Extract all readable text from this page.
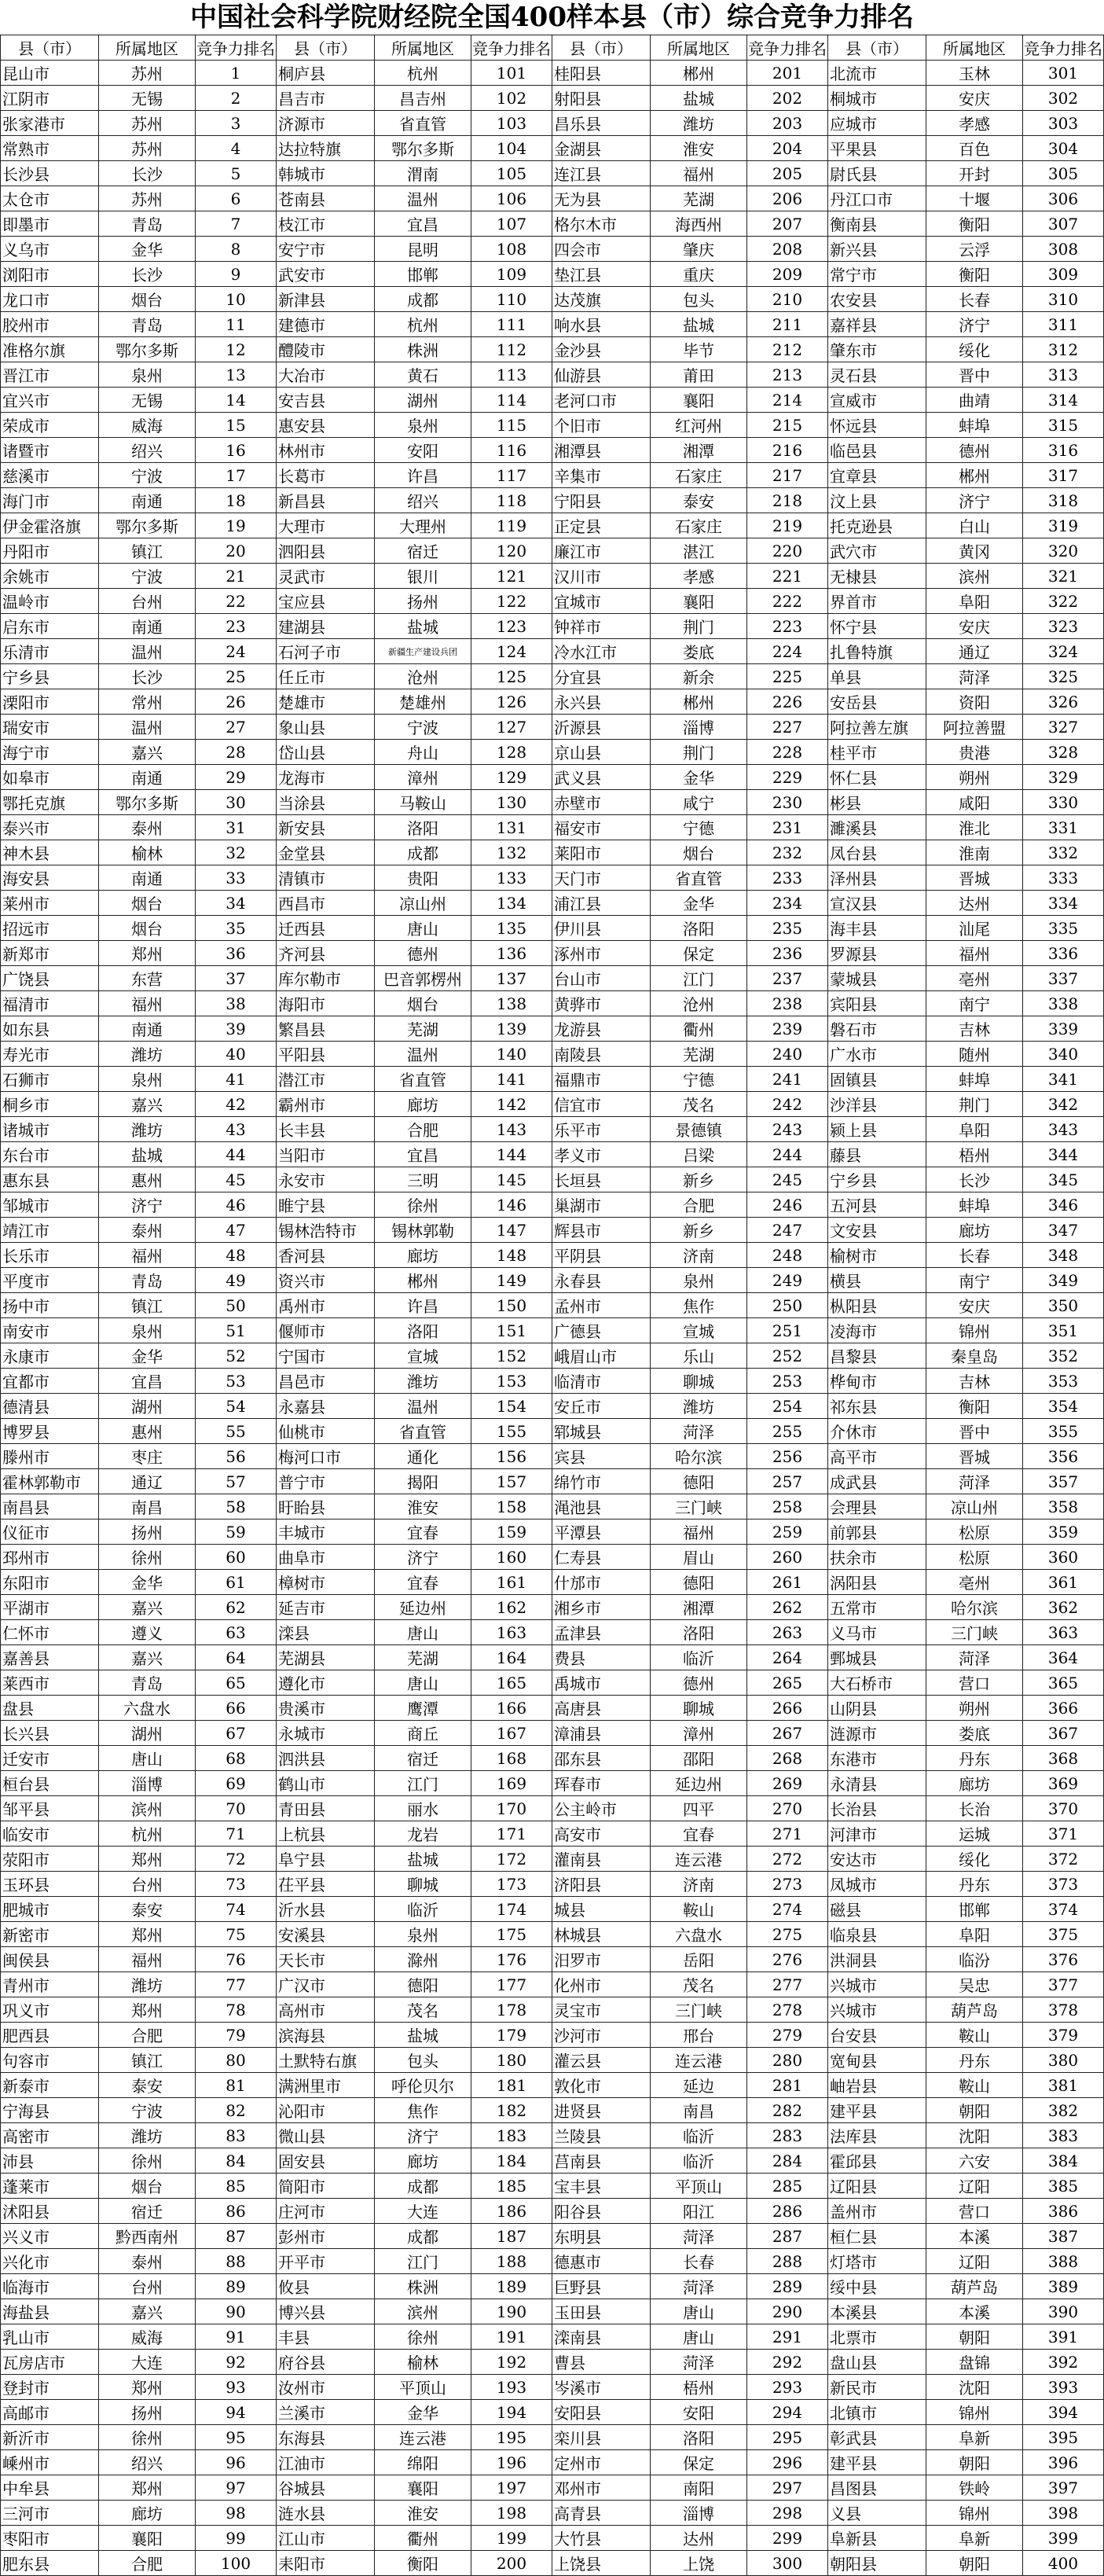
中国社会科学院财经院全国400样本县（市）综合竞争力排名
县（市）	所属地区	竞争力排名	县（市）	所属地区	竞争力排名	县（市）	所属地区	竞争力排名	县（市）	所属地区	竞争力排名
昆山市	苏州	1	桐庐县	杭州	101	桂阳县	郴州	201	北流市	玉林	301
江阴市	无锡	2	昌吉市	昌吉州	102	射阳县	盐城	202	桐城市	安庆	302
张家港市	苏州	3	济源市	省直管	103	昌乐县	潍坊	203	应城市	孝感	303
常熟市	苏州	4	达拉特旗	鄂尔多斯	104	金湖县	淮安	204	平果县	百色	304
长沙县	长沙	5	韩城市	渭南	105	连江县	福州	205	尉氏县	开封	305
太仓市	苏州	6	苍南县	温州	106	无为县	芜湖	206	丹江口市	十堰	306
即墨市	青岛	7	枝江市	宜昌	107	格尔木市	海西州	207	衡南县	衡阳	307
义乌市	金华	8	安宁市	昆明	108	四会市	肇庆	208	新兴县	云浮	308
浏阳市	长沙	9	武安市	邯郸	109	垫江县	重庆	209	常宁市	衡阳	309
龙口市	烟台	10	新津县	成都	110	达茂旗	包头	210	农安县	长春	310
胶州市	青岛	11	建德市	杭州	111	响水县	盐城	211	嘉祥县	济宁	311
准格尔旗	鄂尔多斯	12	醴陵市	株洲	112	金沙县	毕节	212	肇东市	绥化	312
晋江市	泉州	13	大冶市	黄石	113	仙游县	莆田	213	灵石县	晋中	313
宜兴市	无锡	14	安吉县	湖州	114	老河口市	襄阳	214	宣威市	曲靖	314
荣成市	威海	15	惠安县	泉州	115	个旧市	红河州	215	怀远县	蚌埠	315
诸暨市	绍兴	16	林州市	安阳	116	湘潭县	湘潭	216	临邑县	德州	316
慈溪市	宁波	17	长葛市	许昌	117	辛集市	石家庄	217	宜章县	郴州	317
海门市	南通	18	新昌县	绍兴	118	宁阳县	泰安	218	汶上县	济宁	318
伊金霍洛旗	鄂尔多斯	19	大理市	大理州	119	正定县	石家庄	219	托克逊县	白山	319
丹阳市	镇江	20	泗阳县	宿迁	120	廉江市	湛江	220	武穴市	黄冈	320
余姚市	宁波	21	灵武市	银川	121	汉川市	孝感	221	无棣县	滨州	321
温岭市	台州	22	宝应县	扬州	122	宜城市	襄阳	222	界首市	阜阳	322
启东市	南通	23	建湖县	盐城	123	钟祥市	荆门	223	怀宁县	安庆	323
乐清市	温州	24	石河子市	新疆生产建设兵团	124	冷水江市	娄底	224	扎鲁特旗	通辽	324
宁乡县	长沙	25	任丘市	沧州	125	分宜县	新余	225	单县	菏泽	325
溧阳市	常州	26	楚雄市	楚雄州	126	永兴县	郴州	226	安岳县	资阳	326
瑞安市	温州	27	象山县	宁波	127	沂源县	淄博	227	阿拉善左旗	阿拉善盟	327
海宁市	嘉兴	28	岱山县	舟山	128	京山县	荆门	228	桂平市	贵港	328
如皋市	南通	29	龙海市	漳州	129	武义县	金华	229	怀仁县	朔州	329
鄂托克旗	鄂尔多斯	30	当涂县	马鞍山	130	赤壁市	咸宁	230	彬县	咸阳	330
泰兴市	泰州	31	新安县	洛阳	131	福安市	宁德	231	濉溪县	淮北	331
神木县	榆林	32	金堂县	成都	132	莱阳市	烟台	232	凤台县	淮南	332
海安县	南通	33	清镇市	贵阳	133	天门市	省直管	233	泽州县	晋城	333
莱州市	烟台	34	西昌市	凉山州	134	浦江县	金华	234	宣汉县	达州	334
招远市	烟台	35	迁西县	唐山	135	伊川县	洛阳	235	海丰县	汕尾	335
新郑市	郑州	36	齐河县	德州	136	涿州市	保定	236	罗源县	福州	336
广饶县	东营	37	库尔勒市	巴音郭楞州	137	台山市	江门	237	蒙城县	亳州	337
福清市	福州	38	海阳市	烟台	138	黄骅市	沧州	238	宾阳县	南宁	338
如东县	南通	39	繁昌县	芜湖	139	龙游县	衢州	239	磐石市	吉林	339
寿光市	潍坊	40	平阳县	温州	140	南陵县	芜湖	240	广水市	随州	340
石狮市	泉州	41	潜江市	省直管	141	福鼎市	宁德	241	固镇县	蚌埠	341
桐乡市	嘉兴	42	霸州市	廊坊	142	信宜市	茂名	242	沙洋县	荆门	342
诸城市	潍坊	43	长丰县	合肥	143	乐平市	景德镇	243	颍上县	阜阳	343
东台市	盐城	44	当阳市	宜昌	144	孝义市	吕梁	244	藤县	梧州	344
惠东县	惠州	45	永安市	三明	145	长垣县	新乡	245	宁乡县	长沙	345
邹城市	济宁	46	睢宁县	徐州	146	巢湖市	合肥	246	五河县	蚌埠	346
靖江市	泰州	47	锡林浩特市	锡林郭勒	147	辉县市	新乡	247	文安县	廊坊	347
长乐市	福州	48	香河县	廊坊	148	平阴县	济南	248	榆树市	长春	348
平度市	青岛	49	资兴市	郴州	149	永春县	泉州	249	横县	南宁	349
扬中市	镇江	50	禹州市	许昌	150	孟州市	焦作	250	枞阳县	安庆	350
南安市	泉州	51	偃师市	洛阳	151	广德县	宣城	251	凌海市	锦州	351
永康市	金华	52	宁国市	宣城	152	峨眉山市	乐山	252	昌黎县	秦皇岛	352
宜都市	宜昌	53	昌邑市	潍坊	153	临清市	聊城	253	桦甸市	吉林	353
德清县	湖州	54	永嘉县	温州	154	安丘市	潍坊	254	祁东县	衡阳	354
博罗县	惠州	55	仙桃市	省直管	155	郓城县	菏泽	255	介休市	晋中	355
滕州市	枣庄	56	梅河口市	通化	156	宾县	哈尔滨	256	高平市	晋城	356
霍林郭勒市	通辽	57	普宁市	揭阳	157	绵竹市	德阳	257	成武县	菏泽	357
南昌县	南昌	58	盱眙县	淮安	158	渑池县	三门峡	258	会理县	凉山州	358
仪征市	扬州	59	丰城市	宜春	159	平潭县	福州	259	前郭县	松原	359
邳州市	徐州	60	曲阜市	济宁	160	仁寿县	眉山	260	扶余市	松原	360
东阳市	金华	61	樟树市	宜春	161	什邡市	德阳	261	涡阳县	亳州	361
平湖市	嘉兴	62	延吉市	延边州	162	湘乡市	湘潭	262	五常市	哈尔滨	362
仁怀市	遵义	63	滦县	唐山	163	孟津县	洛阳	263	义马市	三门峡	363
嘉善县	嘉兴	64	芜湖县	芜湖	164	费县	临沂	264	鄄城县	菏泽	364
莱西市	青岛	65	遵化市	唐山	165	禹城市	德州	265	大石桥市	营口	365
盘县	六盘水	66	贵溪市	鹰潭	166	高唐县	聊城	266	山阴县	朔州	366
长兴县	湖州	67	永城市	商丘	167	漳浦县	漳州	267	涟源市	娄底	367
迁安市	唐山	68	泗洪县	宿迁	168	邵东县	邵阳	268	东港市	丹东	368
桓台县	淄博	69	鹤山市	江门	169	珲春市	延边州	269	永清县	廊坊	369
邹平县	滨州	70	青田县	丽水	170	公主岭市	四平	270	长治县	长治	370
临安市	杭州	71	上杭县	龙岩	171	高安市	宜春	271	河津市	运城	371
荥阳市	郑州	72	阜宁县	盐城	172	灌南县	连云港	272	安达市	绥化	372
玉环县	台州	73	茌平县	聊城	173	济阳县	济南	273	凤城市	丹东	373
肥城市	泰安	74	沂水县	临沂	174	城县	鞍山	274	磁县	邯郸	374
新密市	郑州	75	安溪县	泉州	175	林城县	六盘水	275	临泉县	阜阳	375
闽侯县	福州	76	天长市	滁州	176	汨罗市	岳阳	276	洪洞县	临汾	376
青州市	潍坊	77	广汉市	德阳	177	化州市	茂名	277	兴城市	吴忠	377
巩义市	郑州	78	高州市	茂名	178	灵宝市	三门峡	278	兴城市	葫芦岛	378
肥西县	合肥	79	滨海县	盐城	179	沙河市	邢台	279	台安县	鞍山	379
句容市	镇江	80	土默特右旗	包头	180	灌云县	连云港	280	宽甸县	丹东	380
新泰市	泰安	81	满洲里市	呼伦贝尔	181	敦化市	延边	281	岫岩县	鞍山	381
宁海县	宁波	82	沁阳市	焦作	182	进贤县	南昌	282	建平县	朝阳	382
高密市	潍坊	83	微山县	济宁	183	兰陵县	临沂	283	法库县	沈阳	383
沛县	徐州	84	固安县	廊坊	184	莒南县	临沂	284	霍邱县	六安	384
蓬莱市	烟台	85	简阳市	成都	185	宝丰县	平顶山	285	辽阳县	辽阳	385
沭阳县	宿迁	86	庄河市	大连	186	阳谷县	阳江	286	盖州市	营口	386
兴义市	黔西南州	87	彭州市	成都	187	东明县	菏泽	287	桓仁县	本溪	387
兴化市	泰州	88	开平市	江门	188	德惠市	长春	288	灯塔市	辽阳	388
临海市	台州	89	攸县	株洲	189	巨野县	菏泽	289	绥中县	葫芦岛	389
海盐县	嘉兴	90	博兴县	滨州	190	玉田县	唐山	290	本溪县	本溪	390
乳山市	威海	91	丰县	徐州	191	滦南县	唐山	291	北票市	朝阳	391
瓦房店市	大连	92	府谷县	榆林	192	曹县	菏泽	292	盘山县	盘锦	392
登封市	郑州	93	汝州市	平顶山	193	岑溪市	梧州	293	新民市	沈阳	393
高邮市	扬州	94	兰溪市	金华	194	安阳县	安阳	294	北镇市	锦州	394
新沂市	徐州	95	东海县	连云港	195	栾川县	洛阳	295	彰武县	阜新	395
嵊州市	绍兴	96	江油市	绵阳	196	定州市	保定	296	建平县	朝阳	396
中牟县	郑州	97	谷城县	襄阳	197	邓州市	南阳	297	昌图县	铁岭	397
三河市	廊坊	98	涟水县	淮安	198	高青县	淄博	298	义县	锦州	398
枣阳市	襄阳	99	江山市	衢州	199	大竹县	达州	299	阜新县	阜新	399
肥东县	合肥	100	耒阳市	衡阳	200	上饶县	上饶	300	朝阳县	朝阳	400
